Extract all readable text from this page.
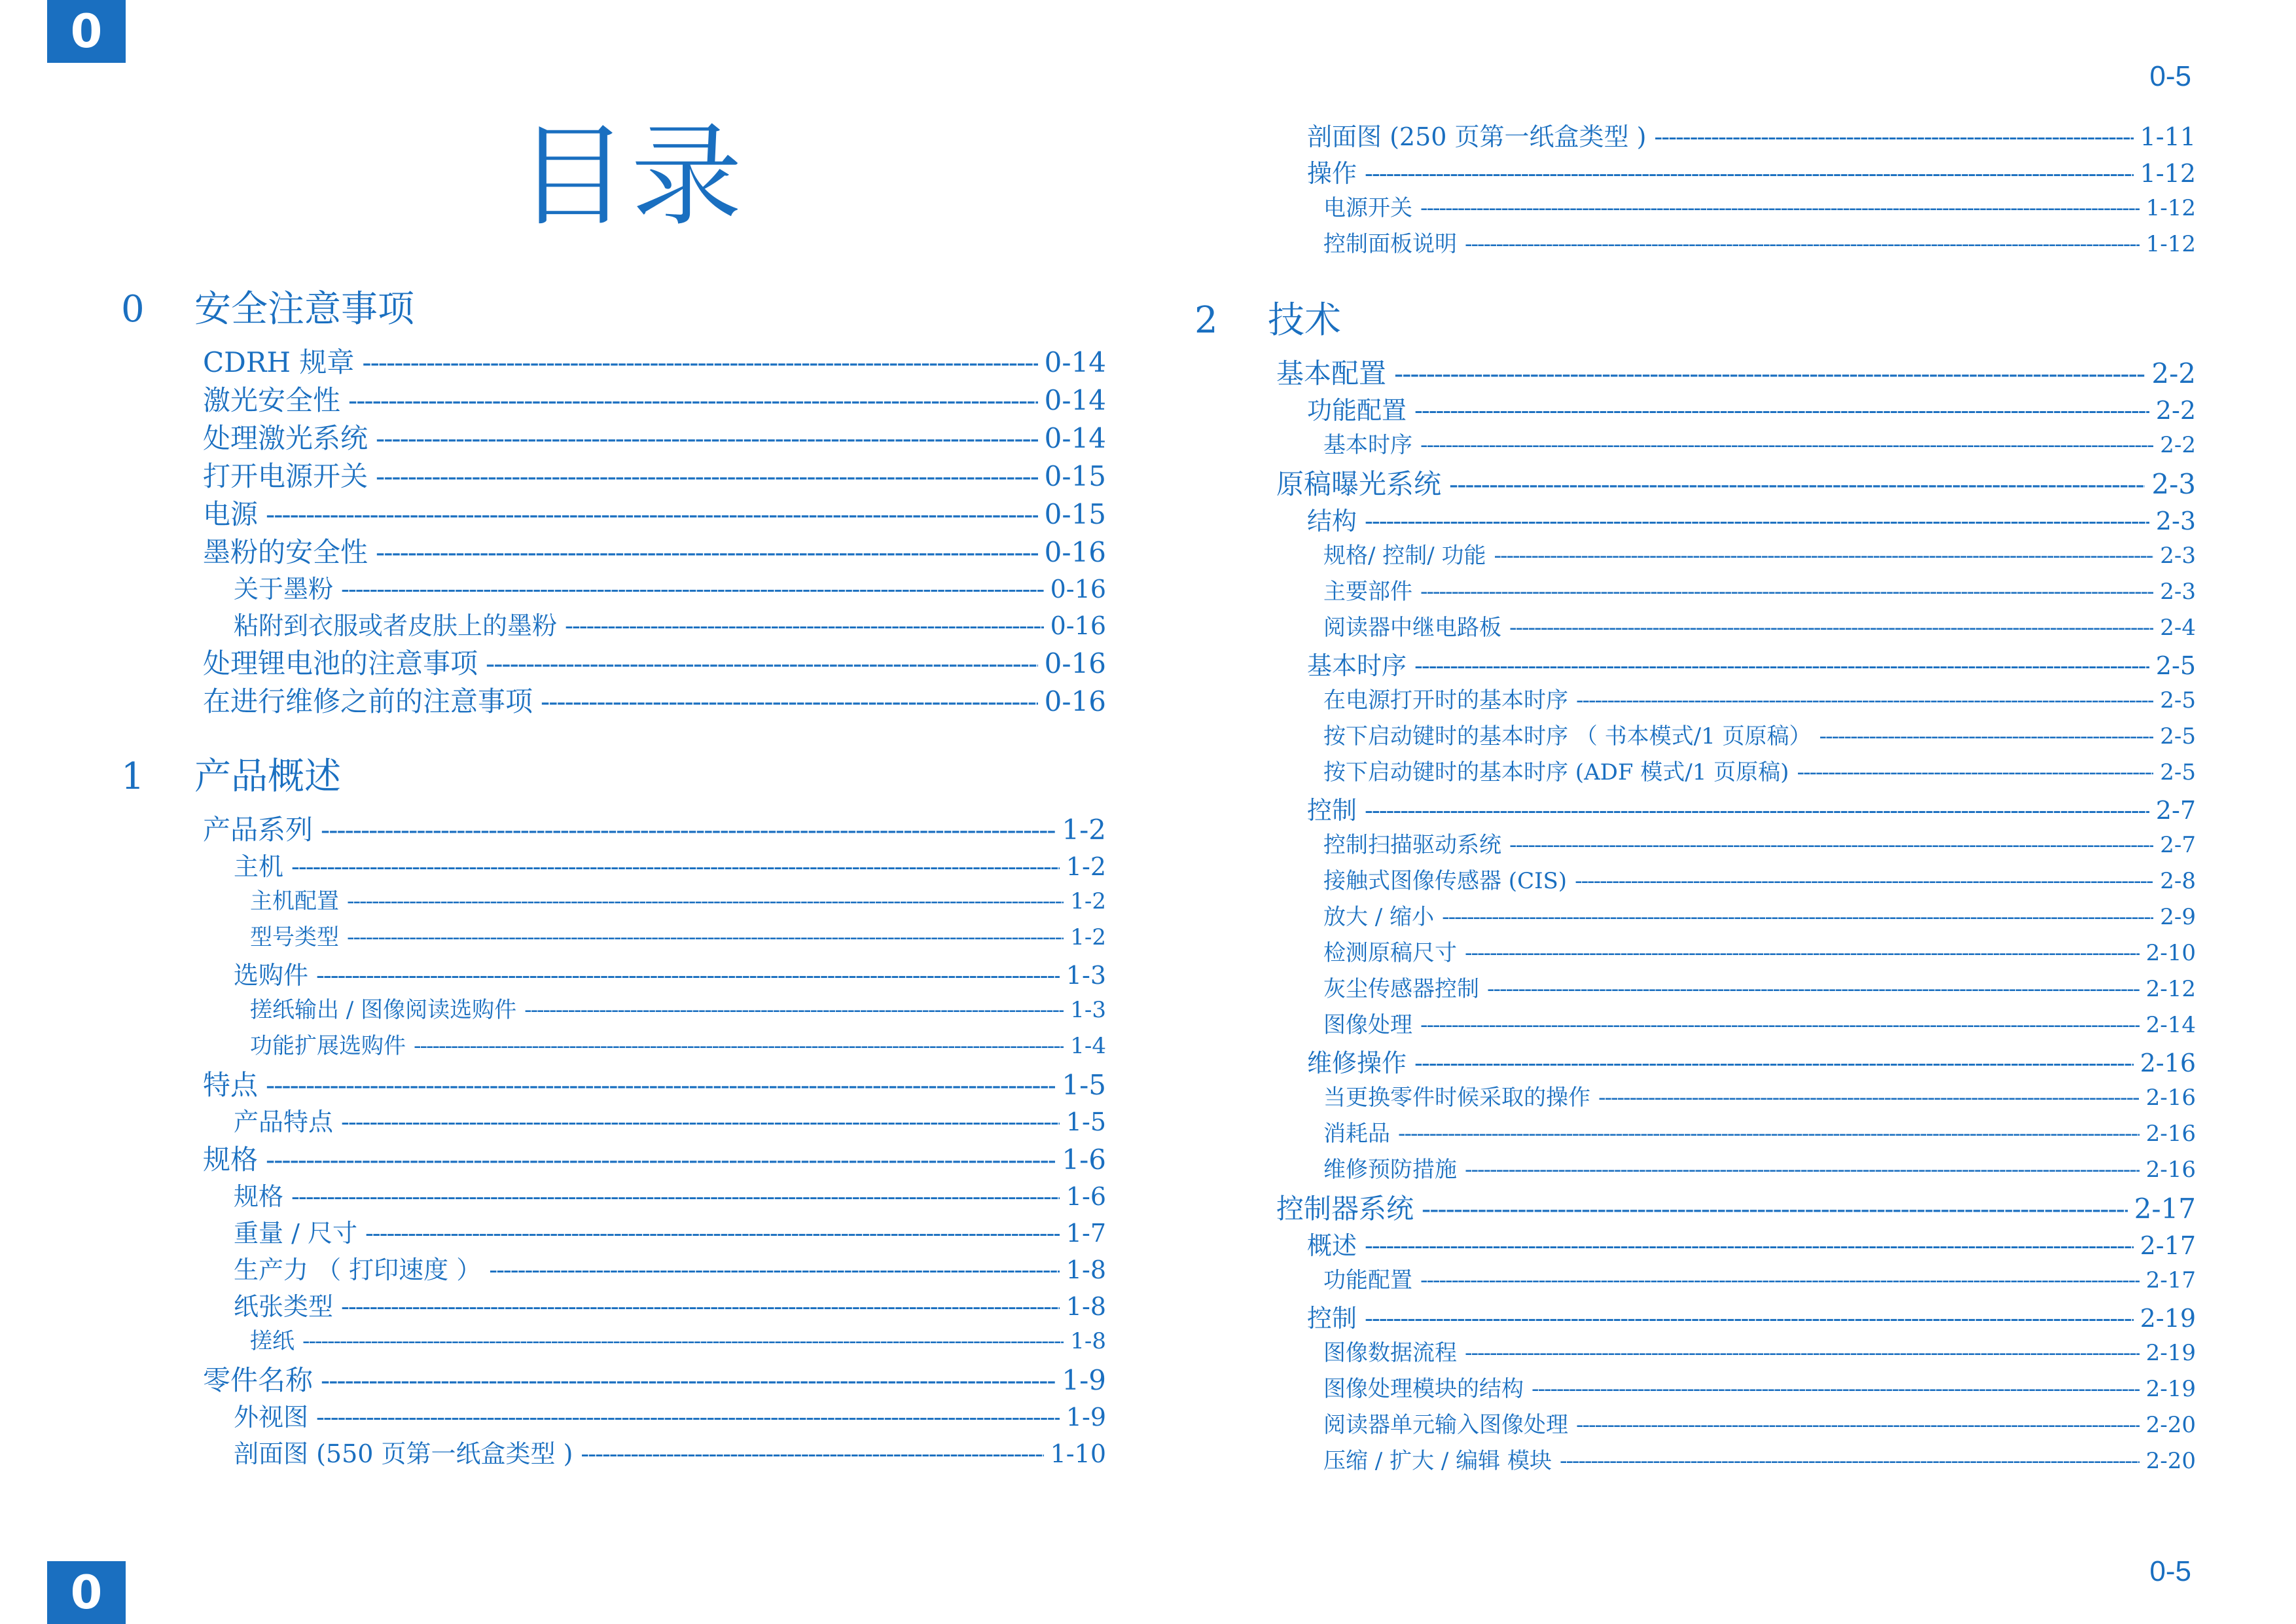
0
0
0-5
0-5
目录
0	安全注意事项
CDRH 规章 -----	0-14
激光安全性 -----	0-14
处理激光系统 -----	0-14
打开电源开关 -----	0-15
电源 -----	0-15
墨粉的安全性 -----	0-16
关于墨粉 -----	0-16
粘附到衣服或者皮肤上的墨粉 -----	0-16
处理锂电池的注意事项 -----	0-16
在进行维修之前的注意事项 -----	0-16
1	产品概述
产品系列 -----	1-2
主机 -----	1-2
主机配置 -----	1-2
型号类型 -----	1-2
选购件 -----	1-3
搓纸输出 / 图像阅读选购件 -----	1-3
功能扩展选购件 -----	1-4
特点 -----	1-5
产品特点 -----	1-5
规格 -----	1-6
规格 -----	1-6
重量 / 尺寸 -----	1-7
生产力 （ 打印速度 ） -----	1-8
纸张类型 -----	1-8
搓纸 -----	1-8
零件名称 -----	1-9
外视图 -----	1-9
剖面图 (550 页第一纸盒类型 ) -----	1-10
剖面图 (250 页第一纸盒类型 ) -----	1-11
操作 -----	1-12
电源开关 -----	1-12
控制面板说明 -----	1-12
2	技术
基本配置 -----	2-2
功能配置 -----	2-2
基本时序 -----	2-2
原稿曝光系统 -----	2-3
结构 -----	2-3
规格/ 控制/ 功能 -----	2-3
主要部件 -----	2-3
阅读器中继电路板 -----	2-4
基本时序 -----	2-5
在电源打开时的基本时序 -----	2-5
按下启动键时的基本时序 （ 书本模式/1 页原稿） -----	2-5
按下启动键时的基本时序 (ADF 模式/1 页原稿) -----	2-5
控制 -----	2-7
控制扫描驱动系统 -----	2-7
接触式图像传感器 (CIS) -----	2-8
放大 / 缩小 -----	2-9
检测原稿尺寸 -----	2-10
灰尘传感器控制 -----	2-12
图像处理 -----	2-14
维修操作 -----	2-16
当更换零件时候采取的操作 -----	2-16
消耗品 -----	2-16
维修预防措施 -----	2-16
控制器系统 -----	2-17
概述 -----	2-17
功能配置 -----	2-17
控制 -----	2-19
图像数据流程 -----	2-19
图像处理模块的结构 -----	2-19
阅读器单元输入图像处理 -----	2-20
压缩 / 扩大 / 编辑 模块 -----	2-20
